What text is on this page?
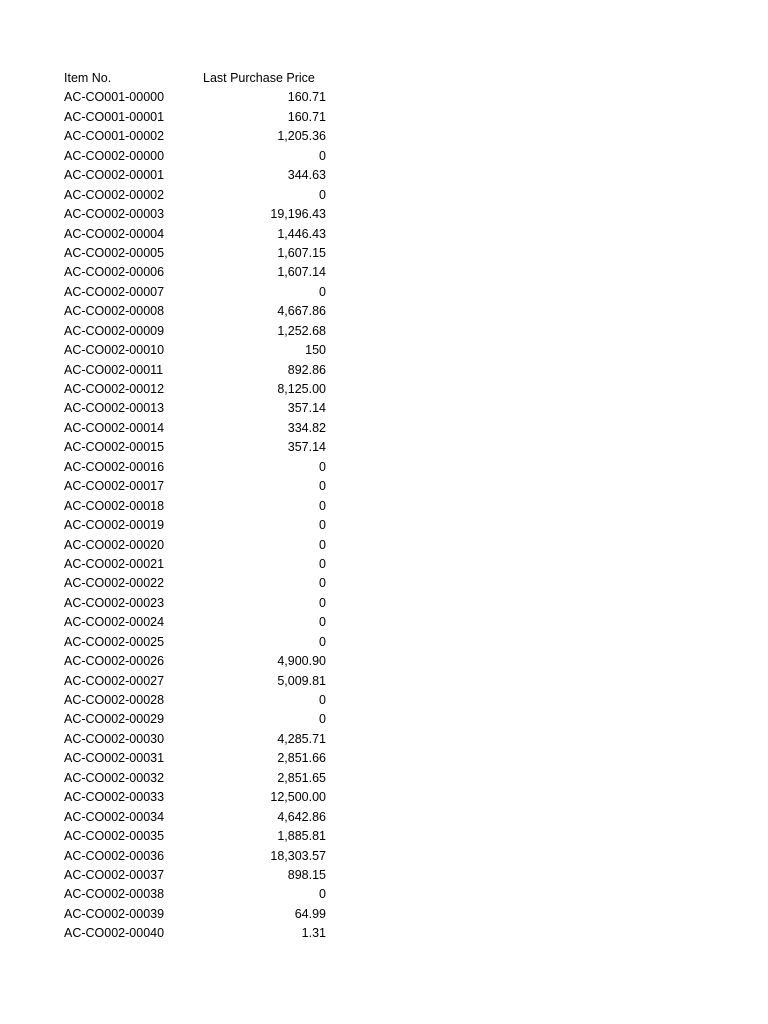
Item No.	Last Purchase Price
AC-CO001-00000	160.71
AC-CO001-00001	160.71
AC-CO001-00002	1,205.36
AC-CO002-00000	0
AC-CO002-00001	344.63
AC-CO002-00002	0
AC-CO002-00003	19,196.43
AC-CO002-00004	1,446.43
AC-CO002-00005	1,607.15
AC-CO002-00006	1,607.14
AC-CO002-00007	0
AC-CO002-00008	4,667.86
AC-CO002-00009	1,252.68
AC-CO002-00010	150
AC-CO002-00011	892.86
AC-CO002-00012	8,125.00
AC-CO002-00013	357.14
AC-CO002-00014	334.82
AC-CO002-00015	357.14
AC-CO002-00016	0
AC-CO002-00017	0
AC-CO002-00018	0
AC-CO002-00019	0
AC-CO002-00020	0
AC-CO002-00021	0
AC-CO002-00022	0
AC-CO002-00023	0
AC-CO002-00024	0
AC-CO002-00025	0
AC-CO002-00026	4,900.90
AC-CO002-00027	5,009.81
AC-CO002-00028	0
AC-CO002-00029	0
AC-CO002-00030	4,285.71
AC-CO002-00031	2,851.66
AC-CO002-00032	2,851.65
AC-CO002-00033	12,500.00
AC-CO002-00034	4,642.86
AC-CO002-00035	1,885.81
AC-CO002-00036	18,303.57
AC-CO002-00037	898.15
AC-CO002-00038	0
AC-CO002-00039	64.99
AC-CO002-00040	1.31
